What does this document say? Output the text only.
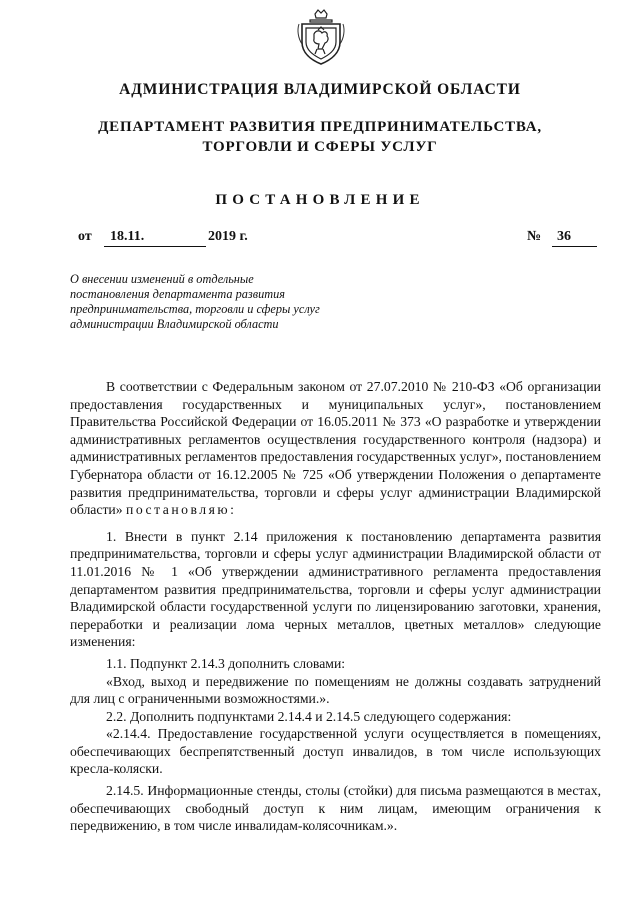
АДМИНИСТРАЦИЯ ВЛАДИМИРСКОЙ ОБЛАСТИ
ДЕПАРТАМЕНТ РАЗВИТИЯ ПРЕДПРИНИМАТЕЛЬСТВА,
ТОРГОВЛИ И СФЕРЫ УСЛУГ
ПОСТАНОВЛЕНИЕ
от	18.11.	2019 г.	№	36
О внесении изменений в отдельные
постановления департамента развития
предпринимательства, торговли и сферы услуг
администрации Владимирской области

В соответствии с Федеральным законом от 27.07.2010 № 210-ФЗ «Об организации предоставления государственных и муниципальных услуг», постановлением Правительства Российской Федерации от 16.05.2011 № 373 «О разработке и утверждении административных регламентов осуществления государственного контроля (надзора) и административных регламентов предоставления государственных услуг», постановлением Губернатора области от 16.12.2005 № 725 «Об утверждении Положения о департаменте развития предпринимательства, торговли и сферы услуг администрации Владимирской области» постановляю:

1. Внести в пункт 2.14 приложения к постановлению департамента развития предпринимательства, торговли и сферы услуг администрации Владимирской области от 11.01.2016 № 1 «Об утверждении административного регламента предоставления департаментом развития предпринимательства, торговли и сферы услуг администрации Владимирской области государственной услуги по лицензированию заготовки, хранения, переработки и реализации лома черных металлов, цветных металлов» следующие изменения:

1.1. Подпункт 2.14.3 дополнить словами:

«Вход, выход и передвижение по помещениям не должны создавать затруднений для лиц с ограниченными возможностями.».

2.2. Дополнить подпунктами 2.14.4 и 2.14.5 следующего содержания:

«2.14.4. Предоставление государственной услуги осуществляется в помещениях, обеспечивающих беспрепятственный доступ инвалидов, в том числе использующих кресла-коляски.

2.14.5. Информационные стенды, столы (стойки) для письма размещаются в местах, обеспечивающих свободный доступ к ним лицам, имеющим ограничения к передвижению, в том числе инвалидам-колясочникам.».
